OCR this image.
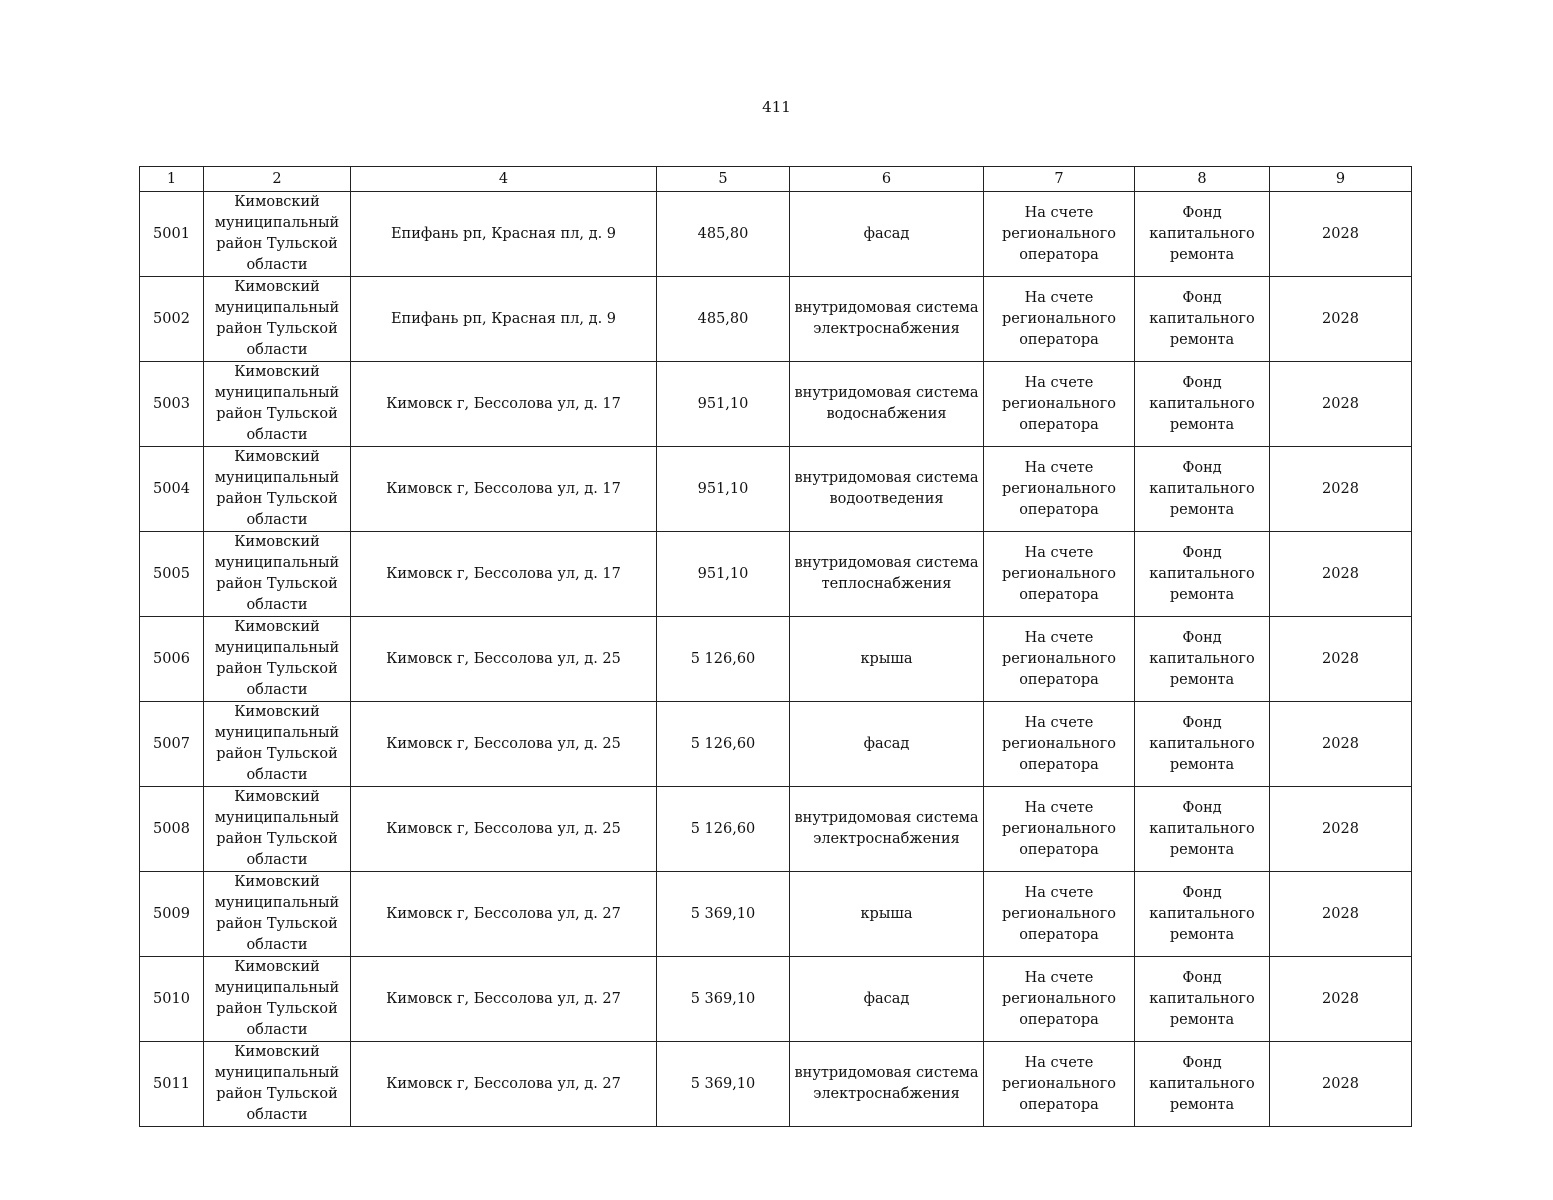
411
1	2	4	5	6	7	8	9
5001	Кимовский муниципальный район Тульской области	Епифань рп, Красная пл, д. 9	485,80	фасад	На счете регионального оператора	Фонд капитального ремонта	2028
5002	Кимовский муниципальный район Тульской области	Епифань рп, Красная пл, д. 9	485,80	внутридомовая система электроснабжения	На счете регионального оператора	Фонд капитального ремонта	2028
5003	Кимовский муниципальный район Тульской области	Кимовск г, Бессолова ул, д. 17	951,10	внутридомовая система водоснабжения	На счете регионального оператора	Фонд капитального ремонта	2028
5004	Кимовский муниципальный район Тульской области	Кимовск г, Бессолова ул, д. 17	951,10	внутридомовая система водоотведения	На счете регионального оператора	Фонд капитального ремонта	2028
5005	Кимовский муниципальный район Тульской области	Кимовск г, Бессолова ул, д. 17	951,10	внутридомовая система теплоснабжения	На счете регионального оператора	Фонд капитального ремонта	2028
5006	Кимовский муниципальный район Тульской области	Кимовск г, Бессолова ул, д. 25	5 126,60	крыша	На счете регионального оператора	Фонд капитального ремонта	2028
5007	Кимовский муниципальный район Тульской области	Кимовск г, Бессолова ул, д. 25	5 126,60	фасад	На счете регионального оператора	Фонд капитального ремонта	2028
5008	Кимовский муниципальный район Тульской области	Кимовск г, Бессолова ул, д. 25	5 126,60	внутридомовая система электроснабжения	На счете регионального оператора	Фонд капитального ремонта	2028
5009	Кимовский муниципальный район Тульской области	Кимовск г, Бессолова ул, д. 27	5 369,10	крыша	На счете регионального оператора	Фонд капитального ремонта	2028
5010	Кимовский муниципальный район Тульской области	Кимовск г, Бессолова ул, д. 27	5 369,10	фасад	На счете регионального оператора	Фонд капитального ремонта	2028
5011	Кимовский муниципальный район Тульской области	Кимовск г, Бессолова ул, д. 27	5 369,10	внутридомовая система электроснабжения	На счете регионального оператора	Фонд капитального ремонта	2028
